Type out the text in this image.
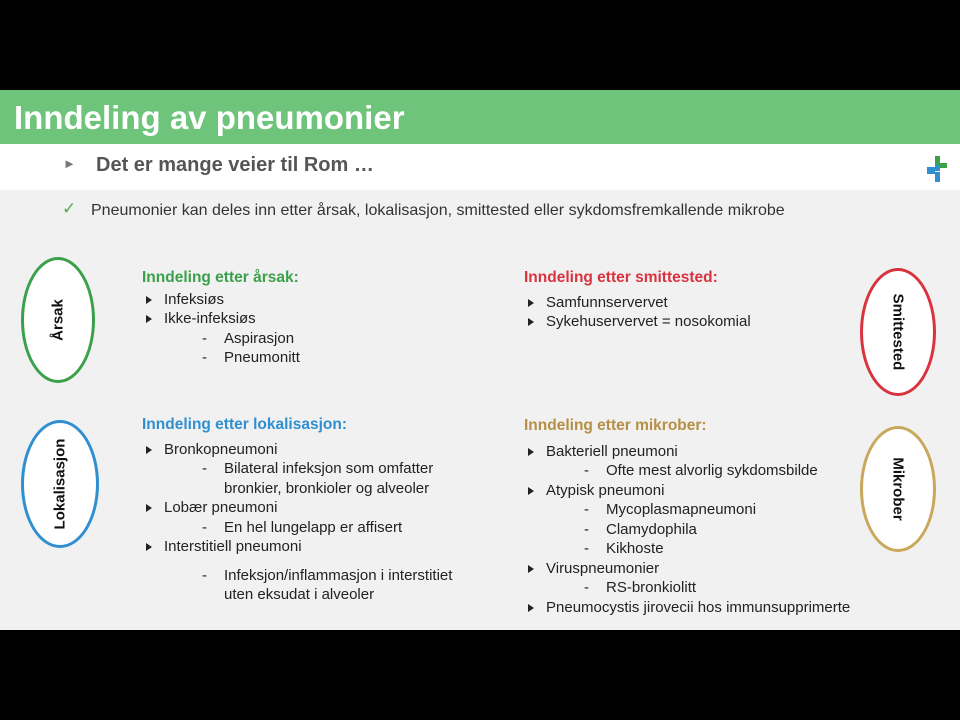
Inndeling av pneumonier
► Det er mange veier til Rom …
✓ Pneumonier kan deles inn etter årsak, lokalisasjon, smittested eller sykdomsfremkallende mikrobe
Årsak
Lokalisasjon
Smittested
Mikrober
Inndeling etter årsak:
Infeksiøs
Ikke-infeksiøs
- Aspirasjon
- Pneumonitt
Inndeling etter smittested:
Samfunnservervet
Sykehuservervet = nosokomial
Inndeling etter lokalisasjon:
Bronkopneumoni
- Bilateral infeksjon som omfatter
bronkier, bronkioler og alveoler
Lobær pneumoni
- En hel lungelapp er affisert
Interstitiell pneumoni
- Infeksjon/inflammasjon i interstitiet
uten eksudat i alveoler
Inndeling etter mikrober:
Bakteriell pneumoni
- Ofte mest alvorlig sykdomsbilde
Atypisk pneumoni
- Mycoplasmapneumoni
- Clamydophila
- Kikhoste
Viruspneumonier
- RS-bronkiolitt
Pneumocystis jirovecii hos immunsupprimerte
